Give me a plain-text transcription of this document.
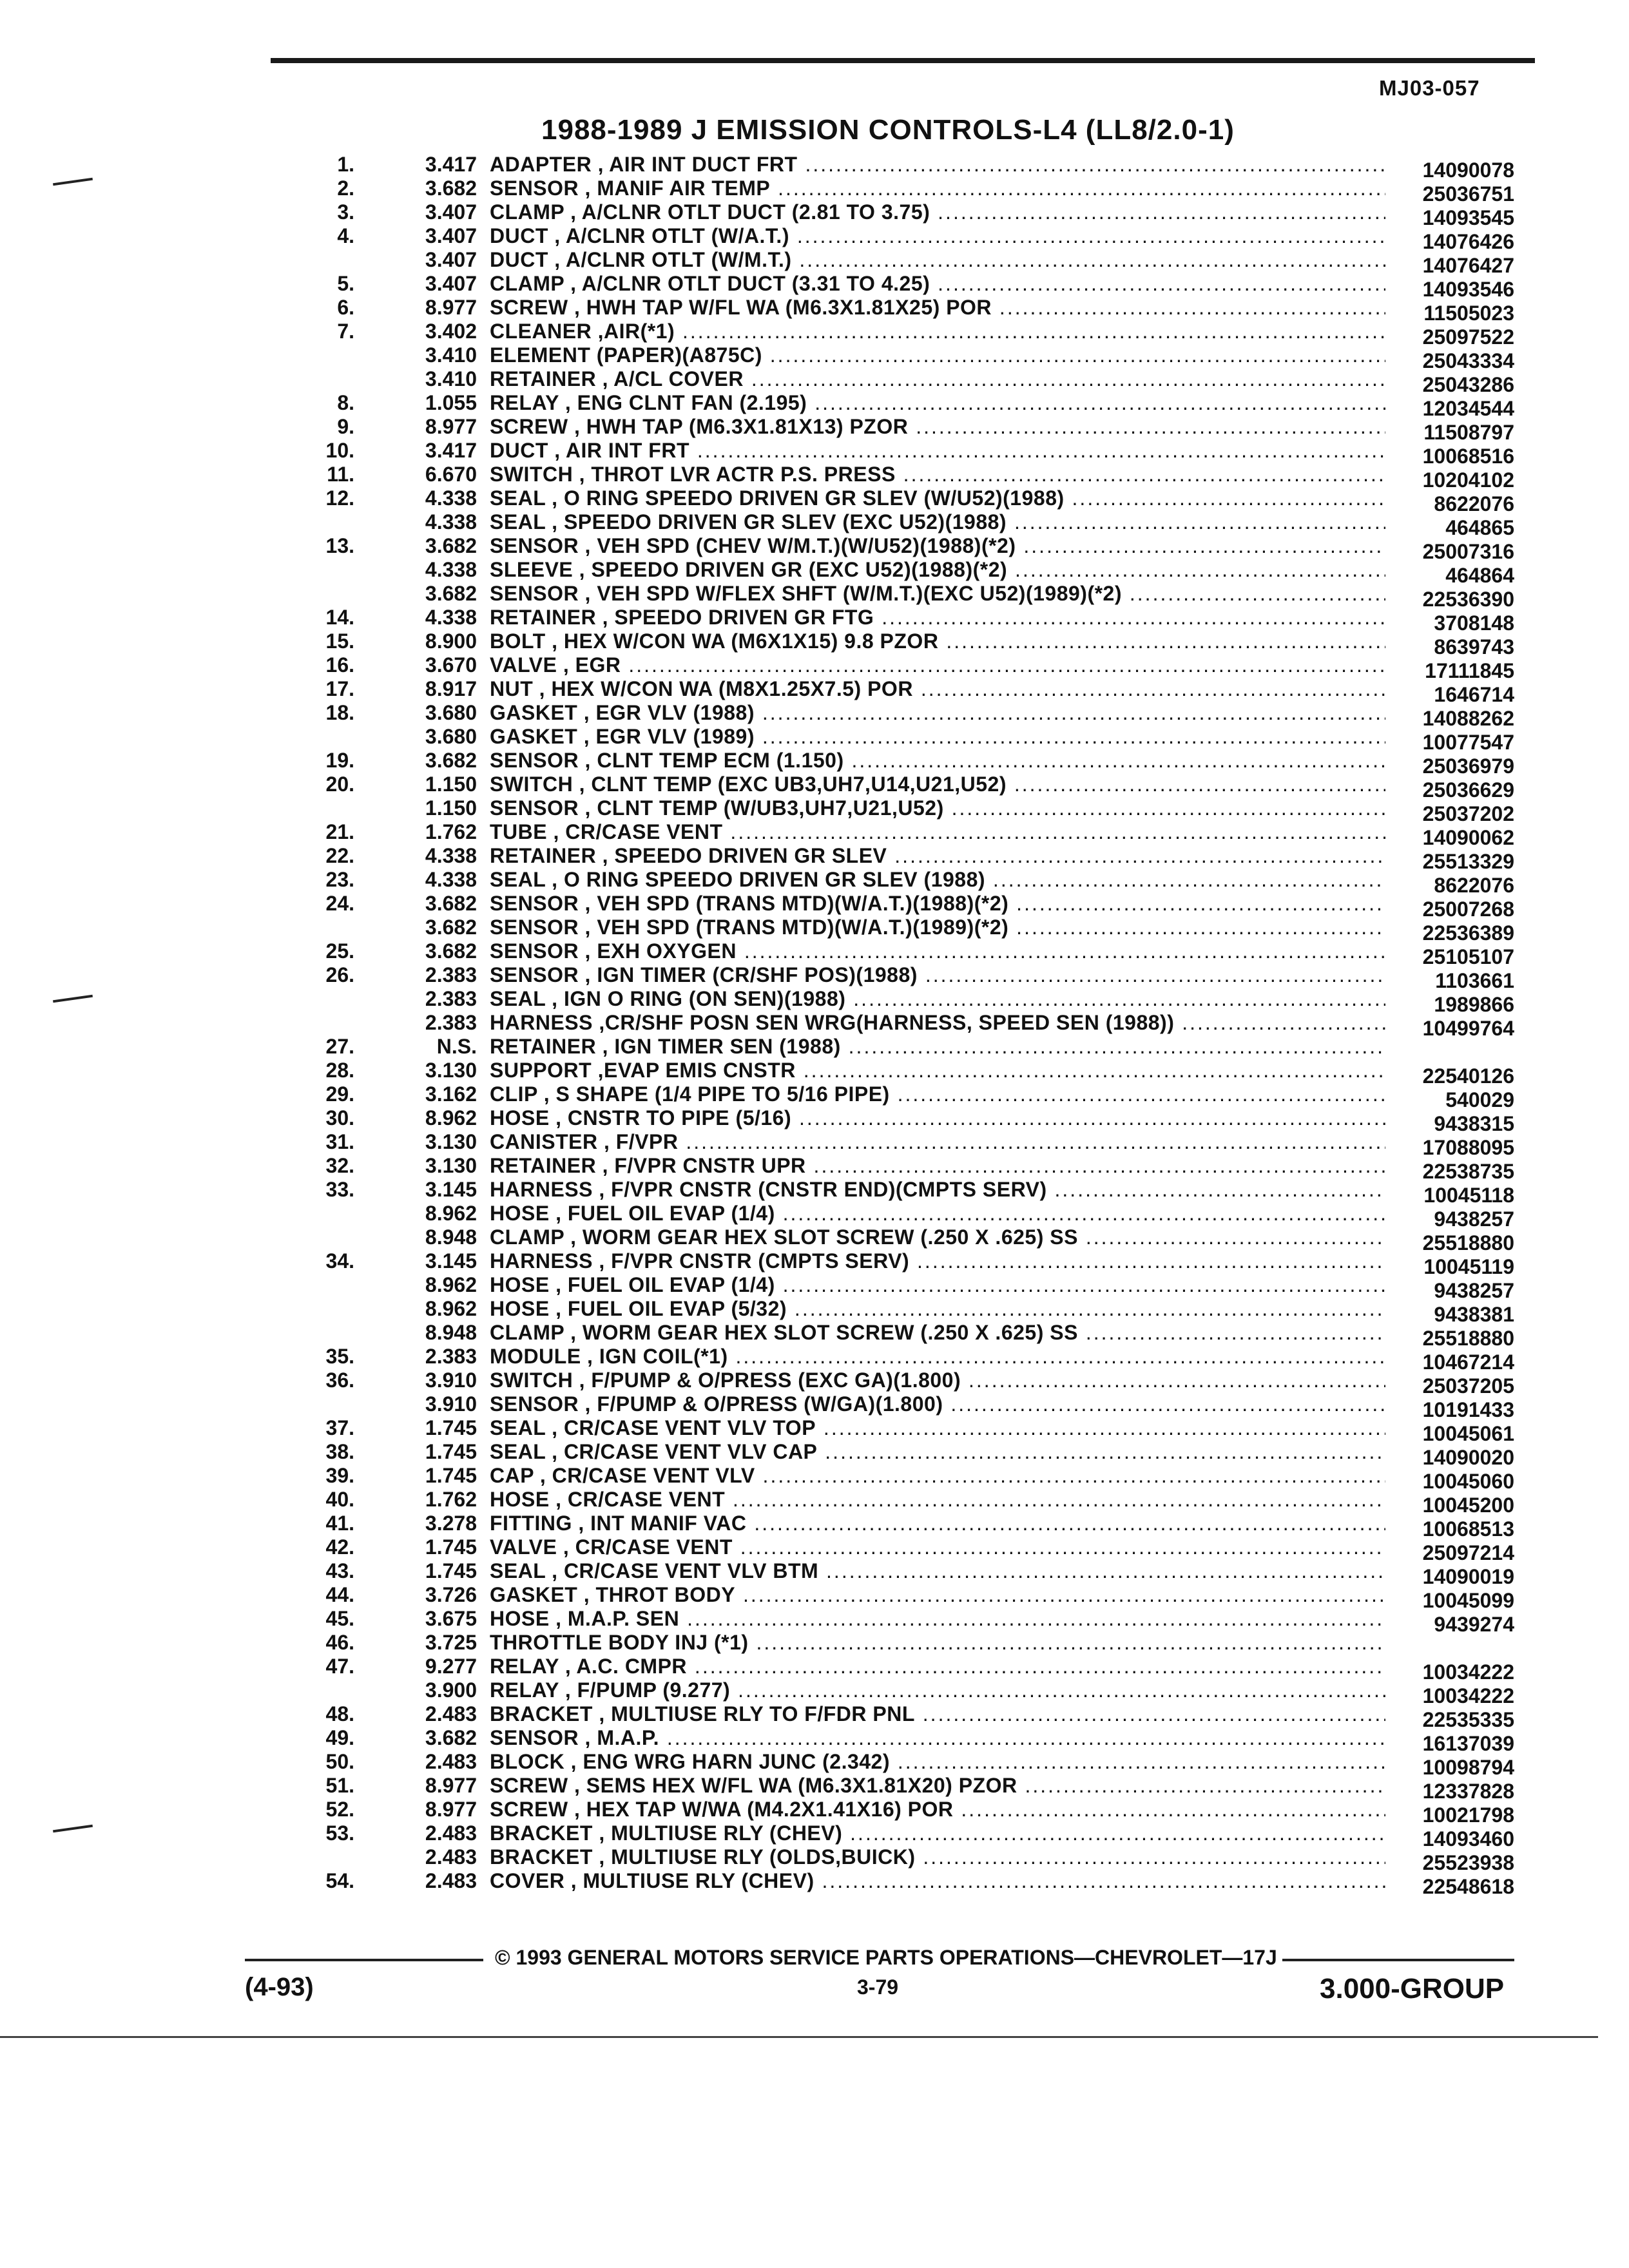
MJ03-057
1988-1989 J EMISSION CONTROLS-L4 (LL8/2.0-1)
1.	3.417 ADAPTER , AIR INT DUCT FRT .....	14090078
2.	3.682 SENSOR , MANIF AIR TEMP .....	25036751
3.	3.407 CLAMP , A/CLNR OTLT DUCT (2.81 TO 3.75) .....	14093545
4.	3.407 DUCT , A/CLNR OTLT (W/A.T.) .....	14076426
3.407 DUCT , A/CLNR OTLT (W/M.T.) .....	14076427
5.	3.407 CLAMP , A/CLNR OTLT DUCT (3.31 TO 4.25) .....	14093546
6.	8.977 SCREW , HWH TAP W/FL WA (M6.3X1.81X25) POR .....	11505023
7.	3.402 CLEANER ,AIR(*1) .....	25097522
3.410 ELEMENT (PAPER)(A875C) .....	25043334
3.410 RETAINER , A/CL COVER .....	25043286
8.	1.055 RELAY , ENG CLNT FAN (2.195) .....	12034544
9.	8.977 SCREW , HWH TAP (M6.3X1.81X13) PZOR .....	11508797
10.	3.417 DUCT , AIR INT FRT .....	10068516
11.	6.670 SWITCH , THROT LVR ACTR P.S. PRESS .....	10204102
12.	4.338 SEAL , O RING SPEEDO DRIVEN GR SLEV (W/U52)(1988) .....	8622076
4.338 SEAL , SPEEDO DRIVEN GR SLEV (EXC U52)(1988) .....	464865
13.	3.682 SENSOR , VEH SPD (CHEV W/M.T.)(W/U52)(1988)(*2) .....	25007316
4.338 SLEEVE , SPEEDO DRIVEN GR (EXC U52)(1988)(*2) .....	464864
3.682 SENSOR , VEH SPD W/FLEX SHFT (W/M.T.)(EXC U52)(1989)(*2) .....	22536390
14.	4.338 RETAINER , SPEEDO DRIVEN GR FTG .....	3708148
15.	8.900 BOLT , HEX W/CON WA (M6X1X15) 9.8 PZOR .....	8639743
16.	3.670 VALVE , EGR .....	17111845
17.	8.917 NUT , HEX W/CON WA (M8X1.25X7.5) POR .....	1646714
18.	3.680 GASKET , EGR VLV (1988) .....	14088262
3.680 GASKET , EGR VLV (1989) .....	10077547
19.	3.682 SENSOR , CLNT TEMP ECM (1.150) .....	25036979
20.	1.150 SWITCH , CLNT TEMP (EXC UB3,UH7,U14,U21,U52) .....	25036629
1.150 SENSOR , CLNT TEMP (W/UB3,UH7,U21,U52) .....	25037202
21.	1.762 TUBE , CR/CASE VENT .....	14090062
22.	4.338 RETAINER , SPEEDO DRIVEN GR SLEV .....	25513329
23.	4.338 SEAL , O RING SPEEDO DRIVEN GR SLEV (1988) .....	8622076
24.	3.682 SENSOR , VEH SPD (TRANS MTD)(W/A.T.)(1988)(*2) .....	25007268
3.682 SENSOR , VEH SPD (TRANS MTD)(W/A.T.)(1989)(*2) .....	22536389
25.	3.682 SENSOR , EXH OXYGEN .....	25105107
26.	2.383 SENSOR , IGN TIMER (CR/SHF POS)(1988) .....	1103661
2.383 SEAL , IGN O RING (ON SEN)(1988) .....	1989866
2.383 HARNESS ,CR/SHF POSN SEN WRG(HARNESS, SPEED SEN (1988)) .....	10499764
27.	N.S. RETAINER , IGN TIMER SEN (1988) .....
28.	3.130 SUPPORT ,EVAP EMIS CNSTR .....	22540126
29.	3.162 CLIP , S SHAPE (1/4 PIPE TO 5/16 PIPE) .....	540029
30.	8.962 HOSE , CNSTR TO PIPE (5/16) .....	9438315
31.	3.130 CANISTER , F/VPR .....	17088095
32.	3.130 RETAINER , F/VPR CNSTR UPR .....	22538735
33.	3.145 HARNESS , F/VPR CNSTR (CNSTR END)(CMPTS SERV) .....	10045118
8.962 HOSE , FUEL OIL EVAP (1/4) .....	9438257
8.948 CLAMP , WORM GEAR HEX SLOT SCREW (.250 X .625) SS .....	25518880
34.	3.145 HARNESS , F/VPR CNSTR (CMPTS SERV) .....	10045119
8.962 HOSE , FUEL OIL EVAP (1/4) .....	9438257
8.962 HOSE , FUEL OIL EVAP (5/32) .....	9438381
8.948 CLAMP , WORM GEAR HEX SLOT SCREW (.250 X .625) SS .....	25518880
35.	2.383 MODULE , IGN COIL(*1) .....	10467214
36.	3.910 SWITCH , F/PUMP & O/PRESS (EXC GA)(1.800) .....	25037205
3.910 SENSOR , F/PUMP & O/PRESS (W/GA)(1.800) .....	10191433
37.	1.745 SEAL , CR/CASE VENT VLV TOP .....	10045061
38.	1.745 SEAL , CR/CASE VENT VLV CAP .....	14090020
39.	1.745 CAP , CR/CASE VENT VLV .....	10045060
40.	1.762 HOSE , CR/CASE VENT .....	10045200
41.	3.278 FITTING , INT MANIF VAC .....	10068513
42.	1.745 VALVE , CR/CASE VENT .....	25097214
43.	1.745 SEAL , CR/CASE VENT VLV BTM .....	14090019
44.	3.726 GASKET , THROT BODY .....	10045099
45.	3.675 HOSE , M.A.P. SEN .....	9439274
46.	3.725 THROTTLE BODY INJ (*1) .....
47.	9.277 RELAY , A.C. CMPR .....	10034222
3.900 RELAY , F/PUMP (9.277) .....	10034222
48.	2.483 BRACKET , MULTIUSE RLY TO F/FDR PNL .....	22535335
49.	3.682 SENSOR , M.A.P. .....	16137039
50.	2.483 BLOCK , ENG WRG HARN JUNC (2.342) .....	10098794
51.	8.977 SCREW , SEMS HEX W/FL WA (M6.3X1.81X20) PZOR .....	12337828
52.	8.977 SCREW , HEX TAP W/WA (M4.2X1.41X16) POR .....	10021798
53.	2.483 BRACKET , MULTIUSE RLY (CHEV) .....	14093460
2.483 BRACKET , MULTIUSE RLY (OLDS,BUICK) .....	25523938
54.	2.483 COVER , MULTIUSE RLY (CHEV) .....	22548618
© 1993 GENERAL MOTORS SERVICE PARTS OPERATIONS—CHEVROLET—17J
(4-93)	3-79	3.000-GROUP
